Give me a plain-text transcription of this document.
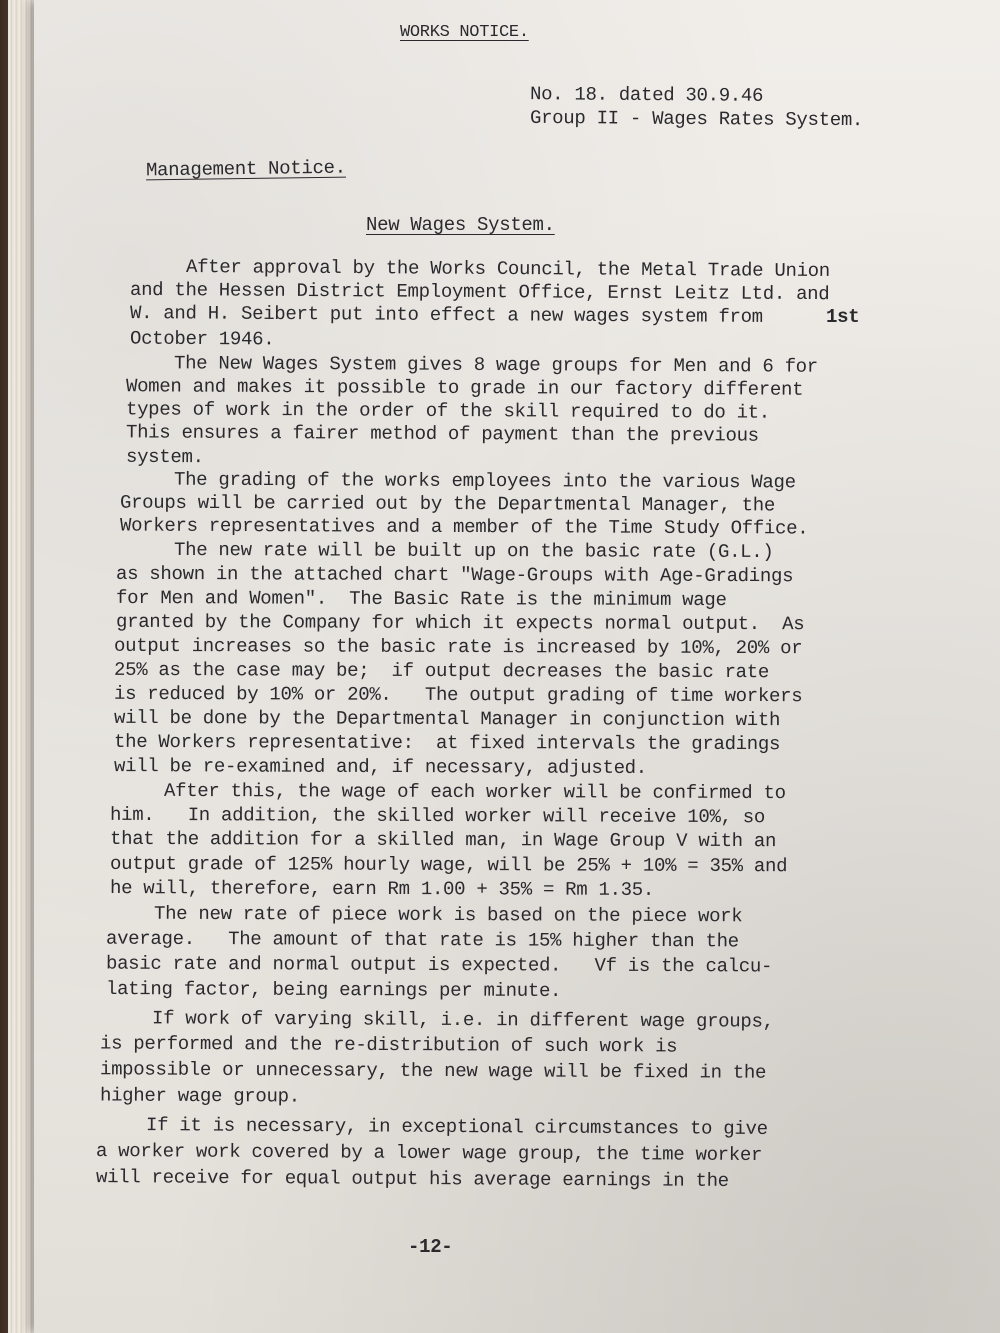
WORKS NOTICE.
No. 18. dated 30.9.46
Group II - Wages Rates System.
Management Notice.
New Wages System.
After approval by the Works Council, the Metal Trade Union
and the Hessen District Employment Office, Ernst Leitz Ltd. and
W. and H. Seibert put into effect a new wages system from	1st
October 1946.
The New Wages System gives 8 wage groups for Men and 6 for
Women and makes it possible to grade in our factory different
types of work in the order of the skill required to do it.
This ensures a fairer method of payment than the previous
system.
The grading of the works employees into the various Wage
Groups will be carried out by the Departmental Manager, the
Workers representatives and a member of the Time Study Office.
The new rate will be built up on the basic rate (G.L.)
as shown in the attached chart "Wage-Groups with Age-Gradings
for Men and Women".  The Basic Rate is the minimum wage
granted by the Company for which it expects normal output.  As
output increases so the basic rate is increased by 10%, 20% or
25% as the case may be;  if output decreases the basic rate
is reduced by 10% or 20%.   The output grading of time workers
will be done by the Departmental Manager in conjunction with
the Workers representative:  at fixed intervals the gradings
will be re-examined and, if necessary, adjusted.
After this, the wage of each worker will be confirmed to
him.   In addition, the skilled worker will receive 10%, so
that the addition for a skilled man, in Wage Group V with an
output grade of 125% hourly wage, will be 25% + 10% = 35% and
he will, therefore, earn Rm 1.00 + 35% = Rm 1.35.
The new rate of piece work is based on the piece work
average.   The amount of that rate is 15% higher than the
basic rate and normal output is expected.   Vf is the calcu-
lating factor, being earnings per minute.
If work of varying skill, i.e. in different wage groups,
is performed and the re-distribution of such work is
impossible or unnecessary, the new wage will be fixed in the
higher wage group.
If it is necessary, in exceptional circumstances to give
a worker work covered by a lower wage group, the time worker
will receive for equal output his average earnings in the
-12-
